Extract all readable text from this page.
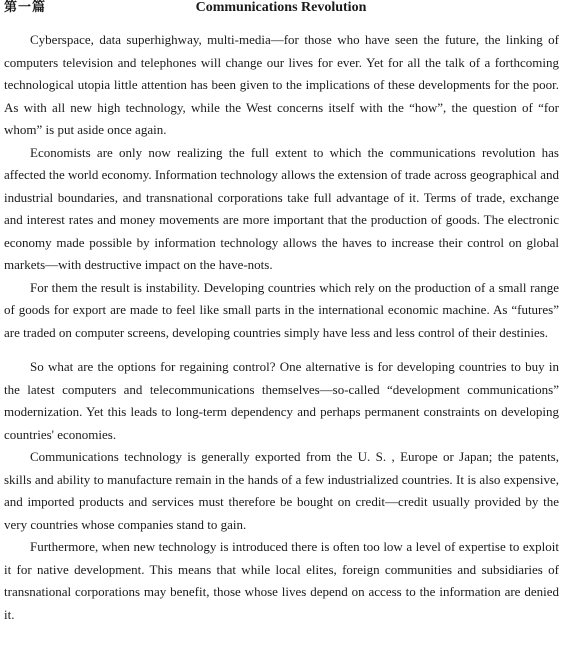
第一篇	Communications Revolution

Cyberspace, data superhighway, multi-media—for those who have seen the future, the linking of computers television and telephones will change our lives for ever. Yet for all the talk of a forthcoming technological utopia little attention has been given to the implications of these developments for the poor. As with all new high technology, while the West concerns itself with the “how”, the question of “for whom” is put aside once again.

Economists are only now realizing the full extent to which the communications revolution has affected the world economy. Information technology allows the extension of trade across geographical and industrial boundaries, and transnational corporations take full advantage of it. Terms of trade, exchange and interest rates and money movements are more important that the production of goods. The electronic economy made possible by information technology allows the haves to increase their control on global markets—with destructive impact on the have-nots.

For them the result is instability. Developing countries which rely on the production of a small range of goods for export are made to feel like small parts in the international economic machine. As “futures” are traded on computer screens, developing countries simply have less and less control of their destinies.

So what are the options for regaining control? One alternative is for developing countries to buy in the latest computers and telecommunications themselves—so-called “development communications” modernization. Yet this leads to long-term dependency and perhaps permanent constraints on developing countries' economies.

Communications technology is generally exported from the U. S. , Europe or Japan; the patents, skills and ability to manufacture remain in the hands of a few industrialized countries. It is also expensive, and imported products and services must therefore be bought on credit—credit usually provided by the very countries whose companies stand to gain.

Furthermore, when new technology is introduced there is often too low a level of expertise to exploit it for native development. This means that while local elites, foreign communities and subsidiaries of transnational corporations may benefit, those whose lives depend on access to the information are denied it.
